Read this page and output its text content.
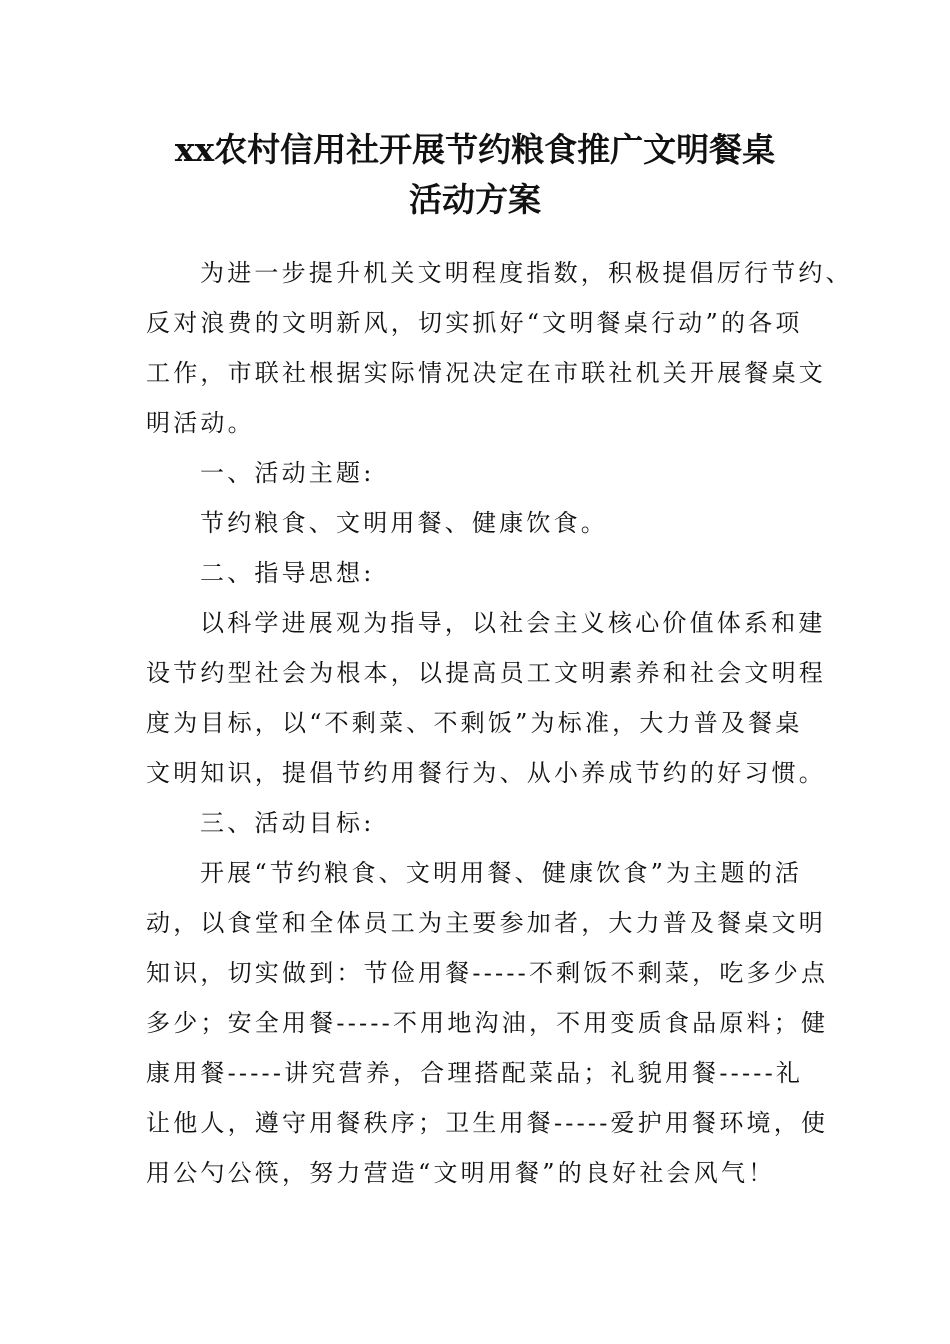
xx农村信用社开展节约粮食推广文明餐桌
活动方案
为进一步提升机关文明程度指数，积极提倡厉行节约、
反对浪费的文明新风，切实抓好“文明餐桌行动”的各项
工作，市联社根据实际情况决定在市联社机关开展餐桌文
明活动。
一、活动主题:
节约粮食、文明用餐、健康饮食。
二、指导思想:
以科学进展观为指导，以社会主义核心价值体系和建
设节约型社会为根本，以提高员工文明素养和社会文明程
度为目标，以“不剩菜、不剩饭”为标准，大力普及餐桌
文明知识，提倡节约用餐行为、从小养成节约的好习惯。
三、活动目标:
开展“节约粮食、文明用餐、健康饮食”为主题的活
动，以食堂和全体员工为主要参加者，大力普及餐桌文明
知识，切实做到：节俭用餐-----不剩饭不剩菜，吃多少点
多少；安全用餐-----不用地沟油，不用变质食品原料；健
康用餐-----讲究营养，合理搭配菜品；礼貌用餐-----礼
让他人，遵守用餐秩序；卫生用餐-----爱护用餐环境，使
用公勺公筷，努力营造“文明用餐”的良好社会风气！
